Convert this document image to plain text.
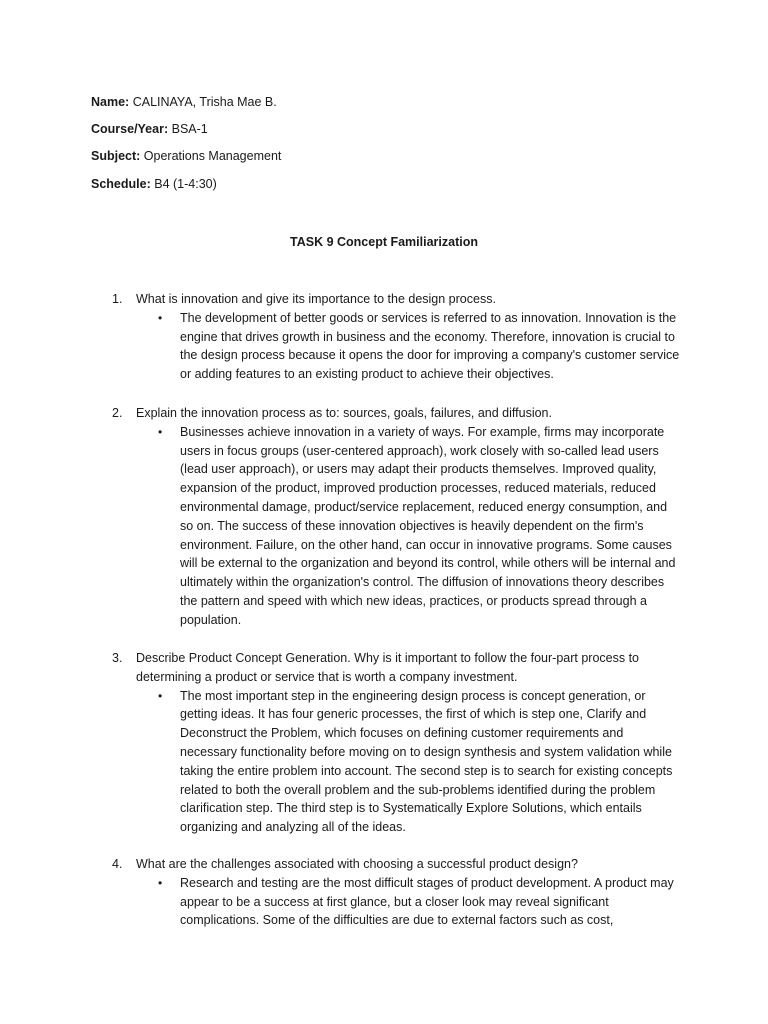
Name: CALINAYA, Trisha Mae B.
Course/Year: BSA-1
Subject: Operations Management
Schedule: B4 (1-4:30)
TASK 9 Concept Familiarization
1. What is innovation and give its importance to the design process.
• The development of better goods or services is referred to as innovation. Innovation is the engine that drives growth in business and the economy. Therefore, innovation is crucial to the design process because it opens the door for improving a company's customer service or adding features to an existing product to achieve their objectives.
2. Explain the innovation process as to: sources, goals, failures, and diffusion.
• Businesses achieve innovation in a variety of ways. For example, firms may incorporate users in focus groups (user-centered approach), work closely with so-called lead users (lead user approach), or users may adapt their products themselves. Improved quality, expansion of the product, improved production processes, reduced materials, reduced environmental damage, product/service replacement, reduced energy consumption, and so on. The success of these innovation objectives is heavily dependent on the firm's environment. Failure, on the other hand, can occur in innovative programs. Some causes will be external to the organization and beyond its control, while others will be internal and ultimately within the organization's control. The diffusion of innovations theory describes the pattern and speed with which new ideas, practices, or products spread through a population.
3. Describe Product Concept Generation. Why is it important to follow the four-part process to determining a product or service that is worth a company investment.
• The most important step in the engineering design process is concept generation, or getting ideas. It has four generic processes, the first of which is step one, Clarify and Deconstruct the Problem, which focuses on defining customer requirements and necessary functionality before moving on to design synthesis and system validation while taking the entire problem into account. The second step is to search for existing concepts related to both the overall problem and the sub-problems identified during the problem clarification step. The third step is to Systematically Explore Solutions, which entails organizing and analyzing all of the ideas.
4. What are the challenges associated with choosing a successful product design?
• Research and testing are the most difficult stages of product development. A product may appear to be a success at first glance, but a closer look may reveal significant complications. Some of the difficulties are due to external factors such as cost,
